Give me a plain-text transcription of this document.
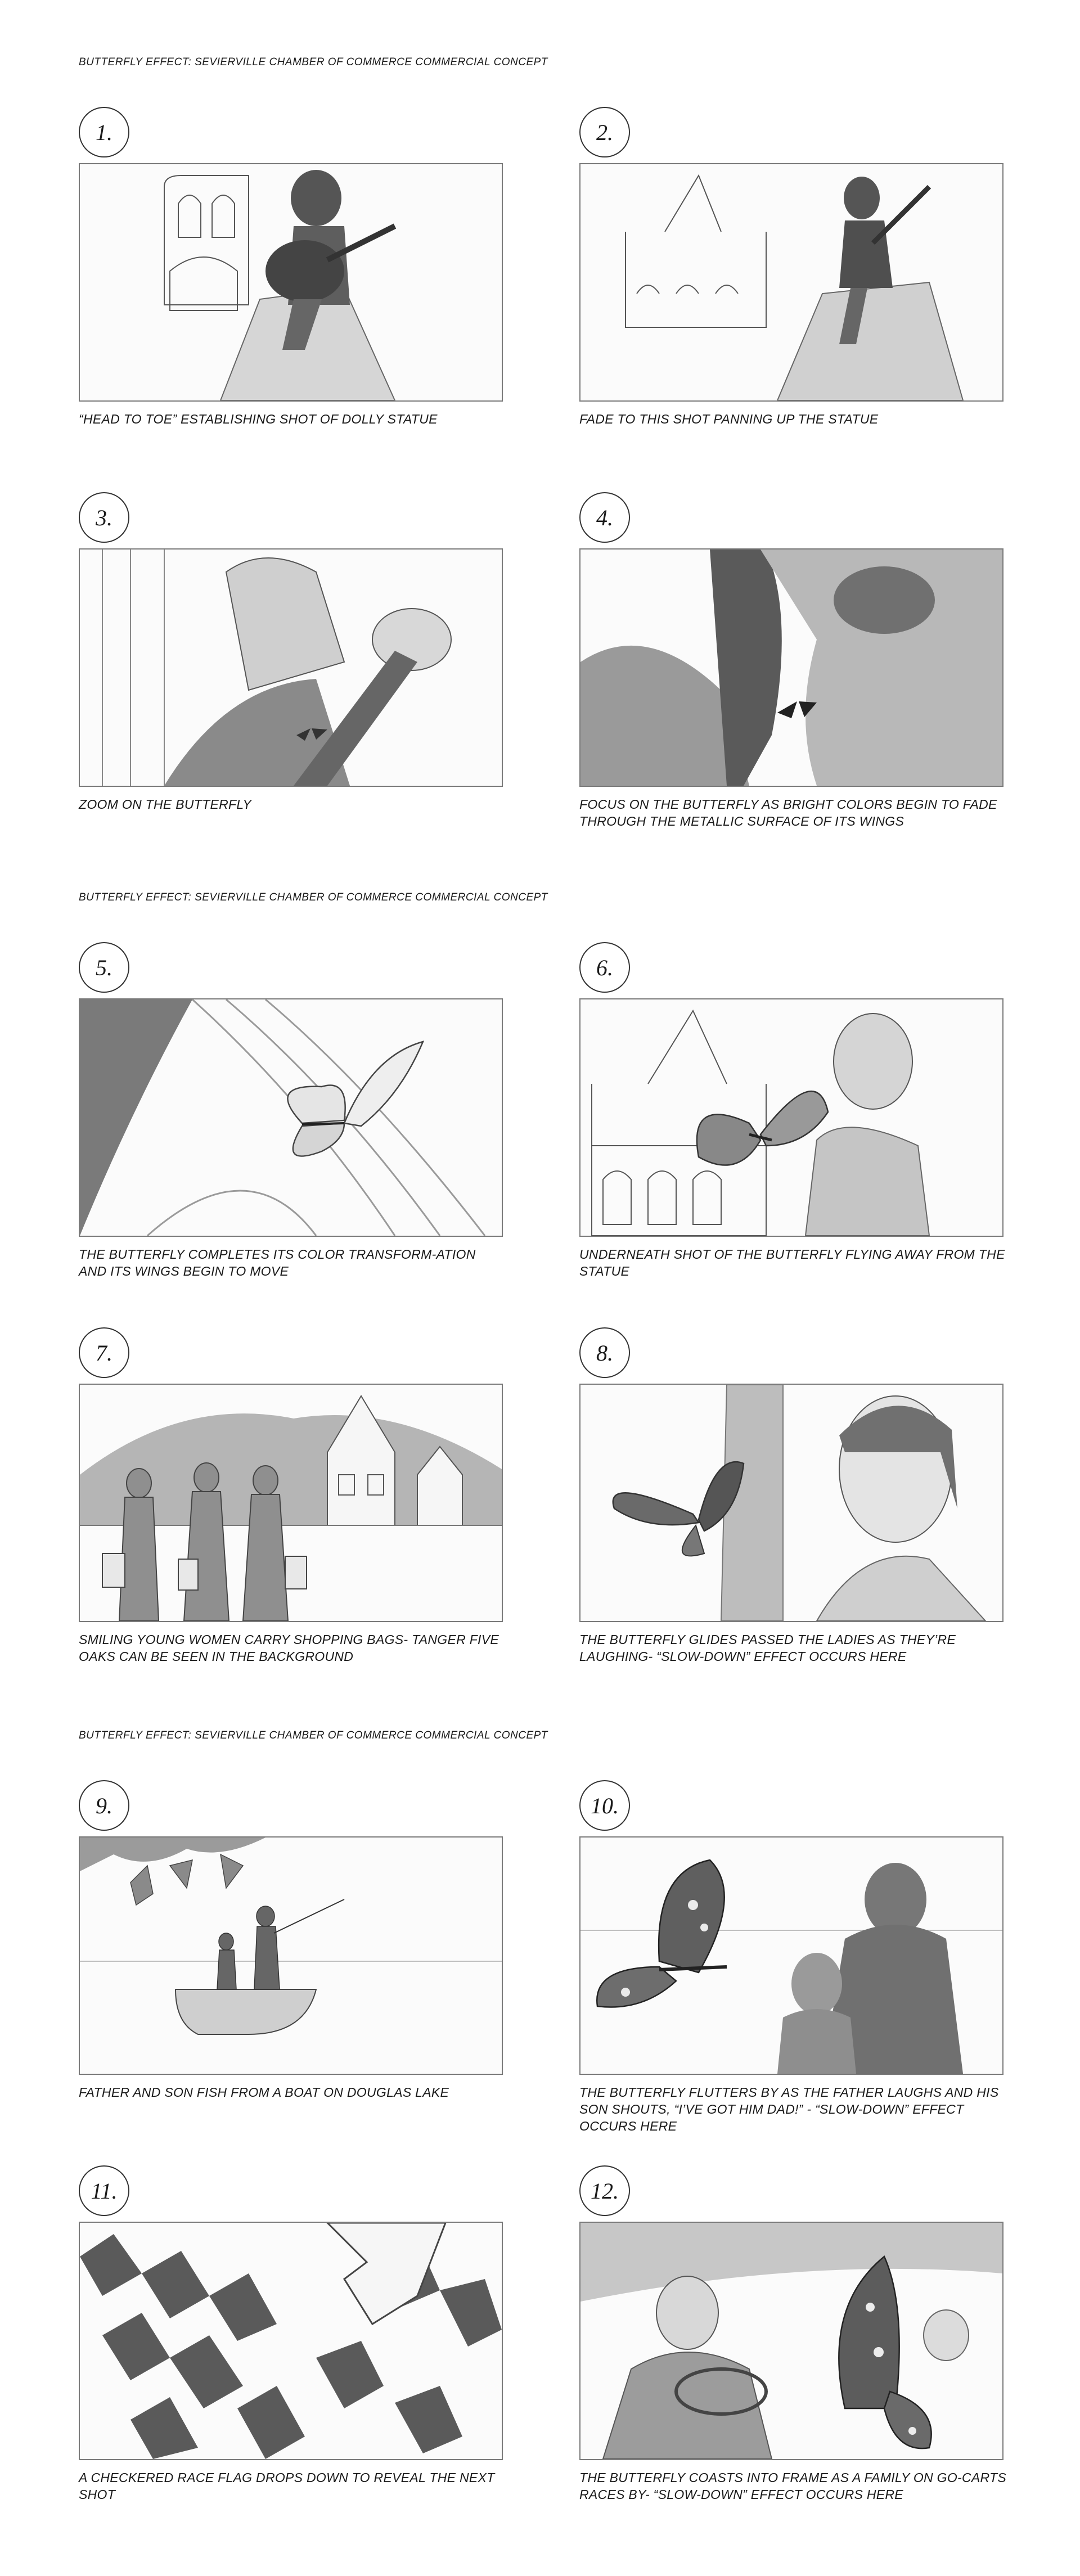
BUTTERFLY EFFECT: SEVIERVILLE CHAMBER OF COMMERCE COMMERCIAL CONCEPT
BUTTERFLY EFFECT: SEVIERVILLE CHAMBER OF COMMERCE COMMERCIAL CONCEPT
BUTTERFLY EFFECT: SEVIERVILLE CHAMBER OF COMMERCE COMMERCIAL CONCEPT
1.
“HEAD TO TOE” ESTABLISHING SHOT OF DOLLY STATUE
2.
FADE TO THIS SHOT PANNING UP THE STATUE
3.
ZOOM ON THE BUTTERFLY
4.
FOCUS ON THE BUTTERFLY AS BRIGHT COLORS BEGIN TO FADE THROUGH THE METALLIC SURFACE OF ITS WINGS
5.
THE BUTTERFLY COMPLETES ITS COLOR TRANSFORM-ATION AND ITS WINGS BEGIN TO MOVE
6.
UNDERNEATH SHOT OF THE BUTTERFLY FLYING AWAY FROM THE STATUE
7.
SMILING YOUNG WOMEN CARRY SHOPPING BAGS- TANGER FIVE OAKS CAN BE SEEN IN THE BACKGROUND
8.
THE BUTTERFLY GLIDES PASSED THE LADIES AS THEY’RE LAUGHING- “SLOW-DOWN” EFFECT OCCURS HERE
9.
FATHER AND SON FISH FROM A BOAT ON DOUGLAS LAKE
10.
THE BUTTERFLY FLUTTERS BY AS THE FATHER LAUGHS AND HIS SON SHOUTS, “I’VE GOT HIM DAD!” - “SLOW-DOWN” EFFECT OCCURS HERE
11.
A CHECKERED RACE FLAG DROPS DOWN TO REVEAL THE NEXT SHOT
12.
THE BUTTERFLY COASTS INTO FRAME AS A FAMILY ON GO-CARTS RACES BY- “SLOW-DOWN” EFFECT OCCURS HERE
